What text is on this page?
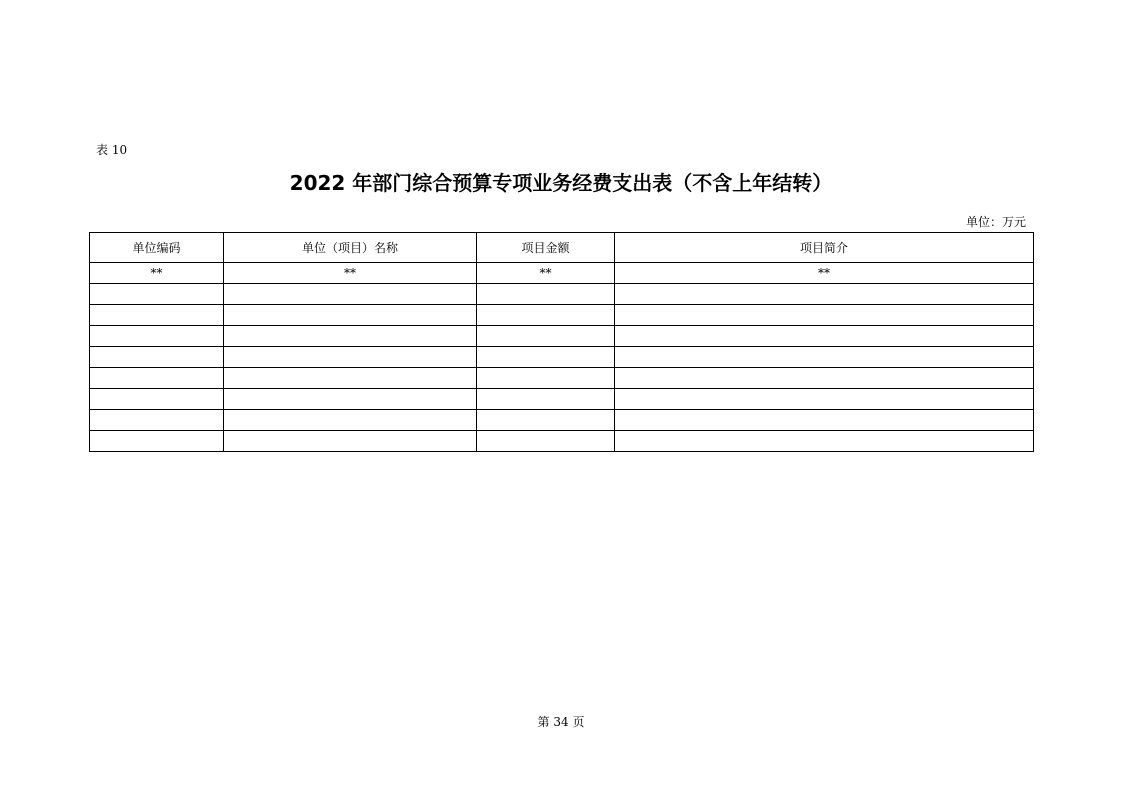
表 10
2022 年部门综合预算专项业务经费支出表（不含上年结转）
单位：万元
单位编码	单位（项目）名称	项目金额	项目简介
**	**	**	**

第 34 页
